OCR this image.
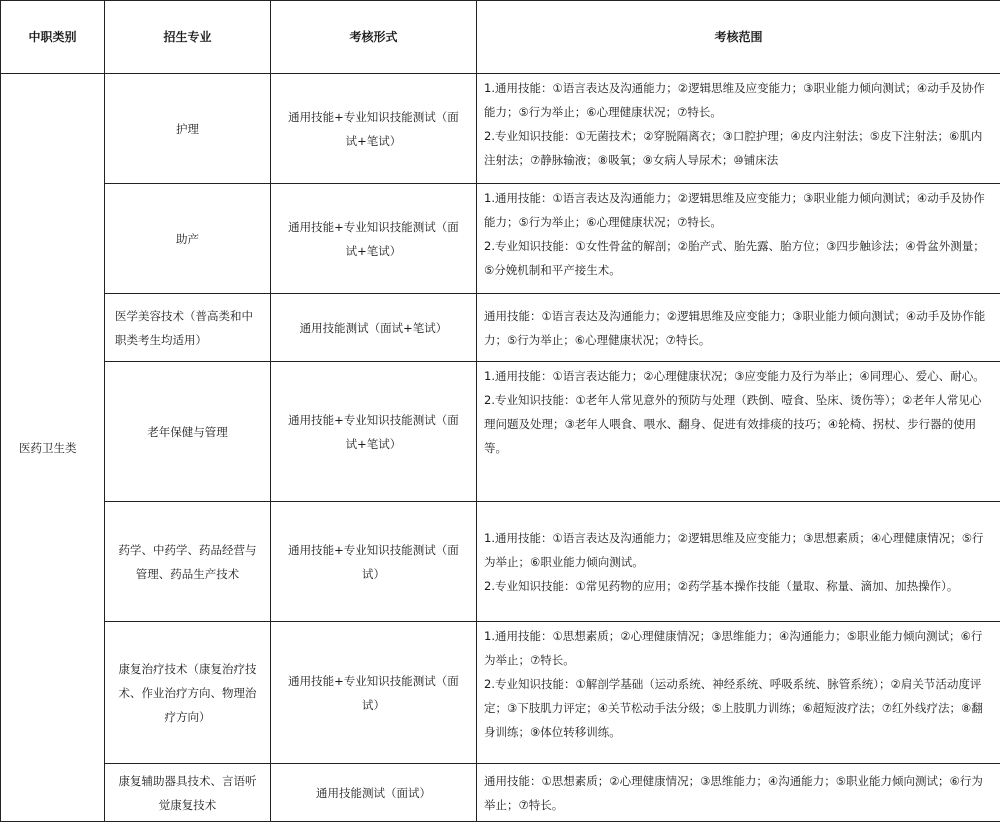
中职类别	招生专业	考核形式	考核范围
医药卫生类	护理	通用技能+专业知识技能测试（面试+笔试）	1.通用技能：①语言表达及沟通能力；②逻辑思维及应变能力；③职业能力倾向测试；④动手及协作能力；⑤行为举止；⑥心理健康状况；⑦特长。
2.专业知识技能：①无菌技术；②穿脱隔离衣；③口腔护理；④皮内注射法；⑤皮下注射法；⑥肌内注射法；⑦静脉输液；⑧吸氧；⑨女病人导尿术；⑩铺床法

	助产	通用技能+专业知识技能测试（面试+笔试）	1.通用技能：①语言表达及沟通能力；②逻辑思维及应变能力；③职业能力倾向测试；④动手及协作能力；⑤行为举止；⑥心理健康状况；⑦特长。
2.专业知识技能：①女性骨盆的解剖；②胎产式、胎先露、胎方位；③四步触诊法；④骨盆外测量；⑤分娩机制和平产接生术。

	医学美容技术（普高类和中职类考生均适用）	通用技能测试（面试+笔试）	通用技能：①语言表达及沟通能力；②逻辑思维及应变能力；③职业能力倾向测试；④动手及协作能力；⑤行为举止；⑥心理健康状况；⑦特长。

	老年保健与管理	通用技能+专业知识技能测试（面试+笔试）	1.通用技能：①语言表达能力；②心理健康状况；③应变能力及行为举止；④同理心、爱心、耐心。
2.专业知识技能：①老年人常见意外的预防与处理（跌倒、噎食、坠床、烫伤等）；②老年人常见心理问题及处理；③老年人喂食、喂水、翻身、促进有效排痰的技巧；④轮椅、拐杖、步行器的使用等。

	药学、中药学、药品经营与管理、药品生产技术	通用技能+专业知识技能测试（面试）	1.通用技能：①语言表达及沟通能力；②逻辑思维及应变能力；③思想素质；④心理健康情况；⑤行为举止；⑥职业能力倾向测试。
2.专业知识技能：①常见药物的应用；②药学基本操作技能（量取、称量、滴加、加热操作）。

	康复治疗技术（康复治疗技术、作业治疗方向、物理治疗方向）	通用技能+专业知识技能测试（面试）	1.通用技能：①思想素质；②心理健康情况；③思维能力；④沟通能力；⑤职业能力倾向测试；⑥行为举止；⑦特长。
2.专业知识技能：①解剖学基础（运动系统、神经系统、呼吸系统、脉管系统）；②肩关节活动度评定；③下肢肌力评定；④关节松动手法分级；⑤上肢肌力训练；⑥超短波疗法；⑦红外线疗法；⑧翻身训练；⑨体位转移训练。

	康复辅助器具技术、言语听觉康复技术	通用技能测试（面试）	通用技能：①思想素质；②心理健康情况；③思维能力；④沟通能力；⑤职业能力倾向测试；⑥行为举止；⑦特长。
